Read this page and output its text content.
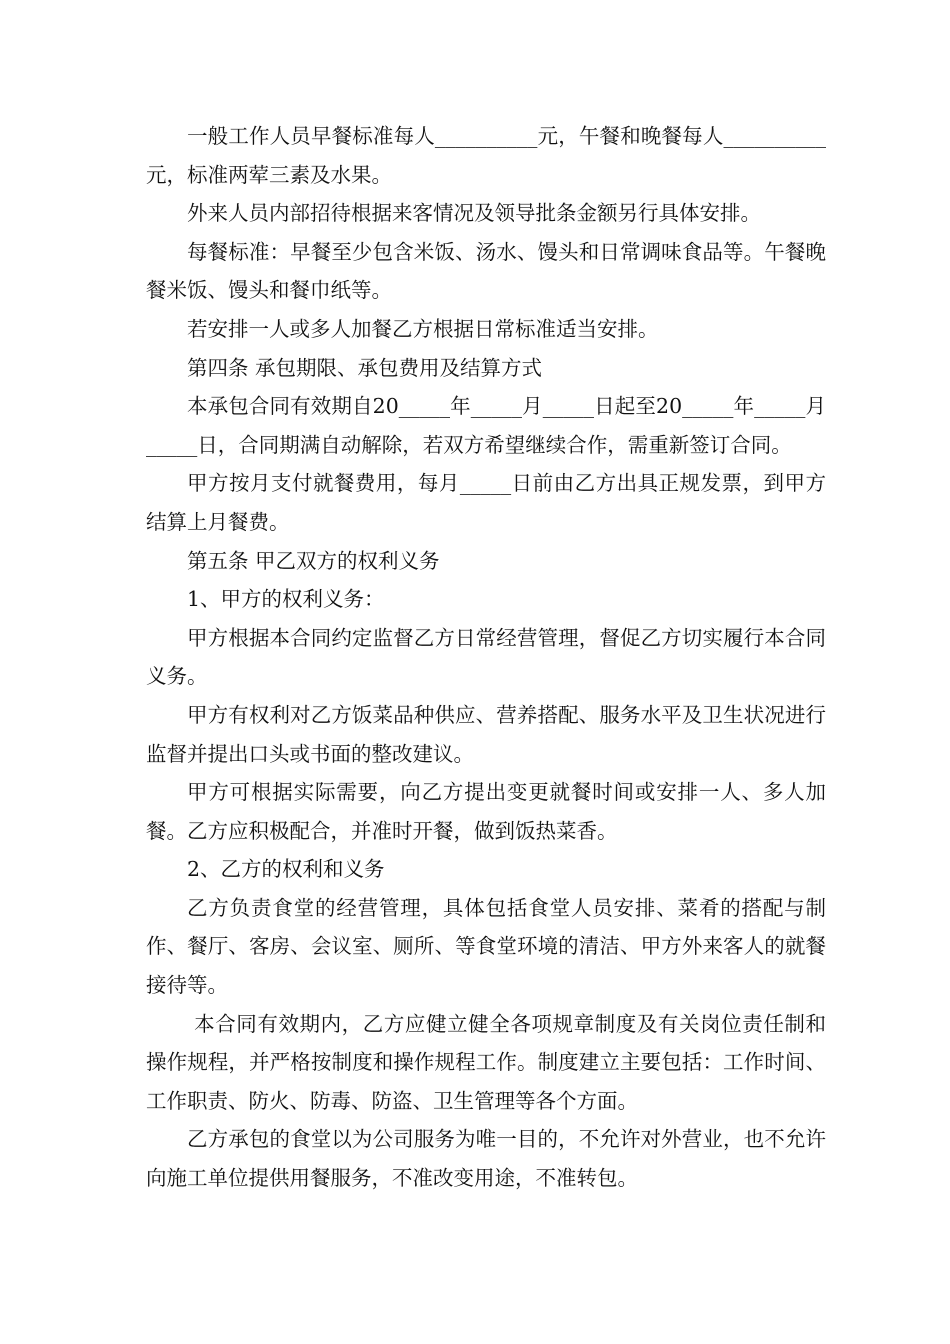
一般工作人员早餐标准每人__________元，午餐和晚餐每人__________元，标准两荤三素及水果。

外来人员内部招待根据来客情况及领导批条金额另行具体安排。

每餐标准：早餐至少包含米饭、汤水、馒头和日常调味食品等。午餐晚餐米饭、馒头和餐巾纸等。

若安排一人或多人加餐乙方根据日常标准适当安排。

第四条 承包期限、承包费用及结算方式

本承包合同有效期自20_____年_____月_____日起至20_____年_____月_____日，合同期满自动解除，若双方希望继续合作，需重新签订合同。

甲方按月支付就餐费用，每月_____日前由乙方出具正规发票，到甲方结算上月餐费。

第五条 甲乙双方的权利义务

1、甲方的权利义务：

甲方根据本合同约定监督乙方日常经营管理，督促乙方切实履行本合同义务。

甲方有权利对乙方饭菜品种供应、营养搭配、服务水平及卫生状况进行监督并提出口头或书面的整改建议。

甲方可根据实际需要，向乙方提出变更就餐时间或安排一人、多人加餐。乙方应积极配合，并准时开餐，做到饭热菜香。

2、乙方的权利和义务

乙方负责食堂的经营管理，具体包括食堂人员安排、菜肴的搭配与制作、餐厅、客房、会议室、厕所、等食堂环境的清洁、甲方外来客人的就餐接待等。

本合同有效期内，乙方应健立健全各项规章制度及有关岗位责任制和操作规程，并严格按制度和操作规程工作。制度建立主要包括：工作时间、工作职责、防火、防毒、防盗、卫生管理等各个方面。

乙方承包的食堂以为公司服务为唯一目的，不允许对外营业，也不允许向施工单位提供用餐服务，不准改变用途，不准转包。
